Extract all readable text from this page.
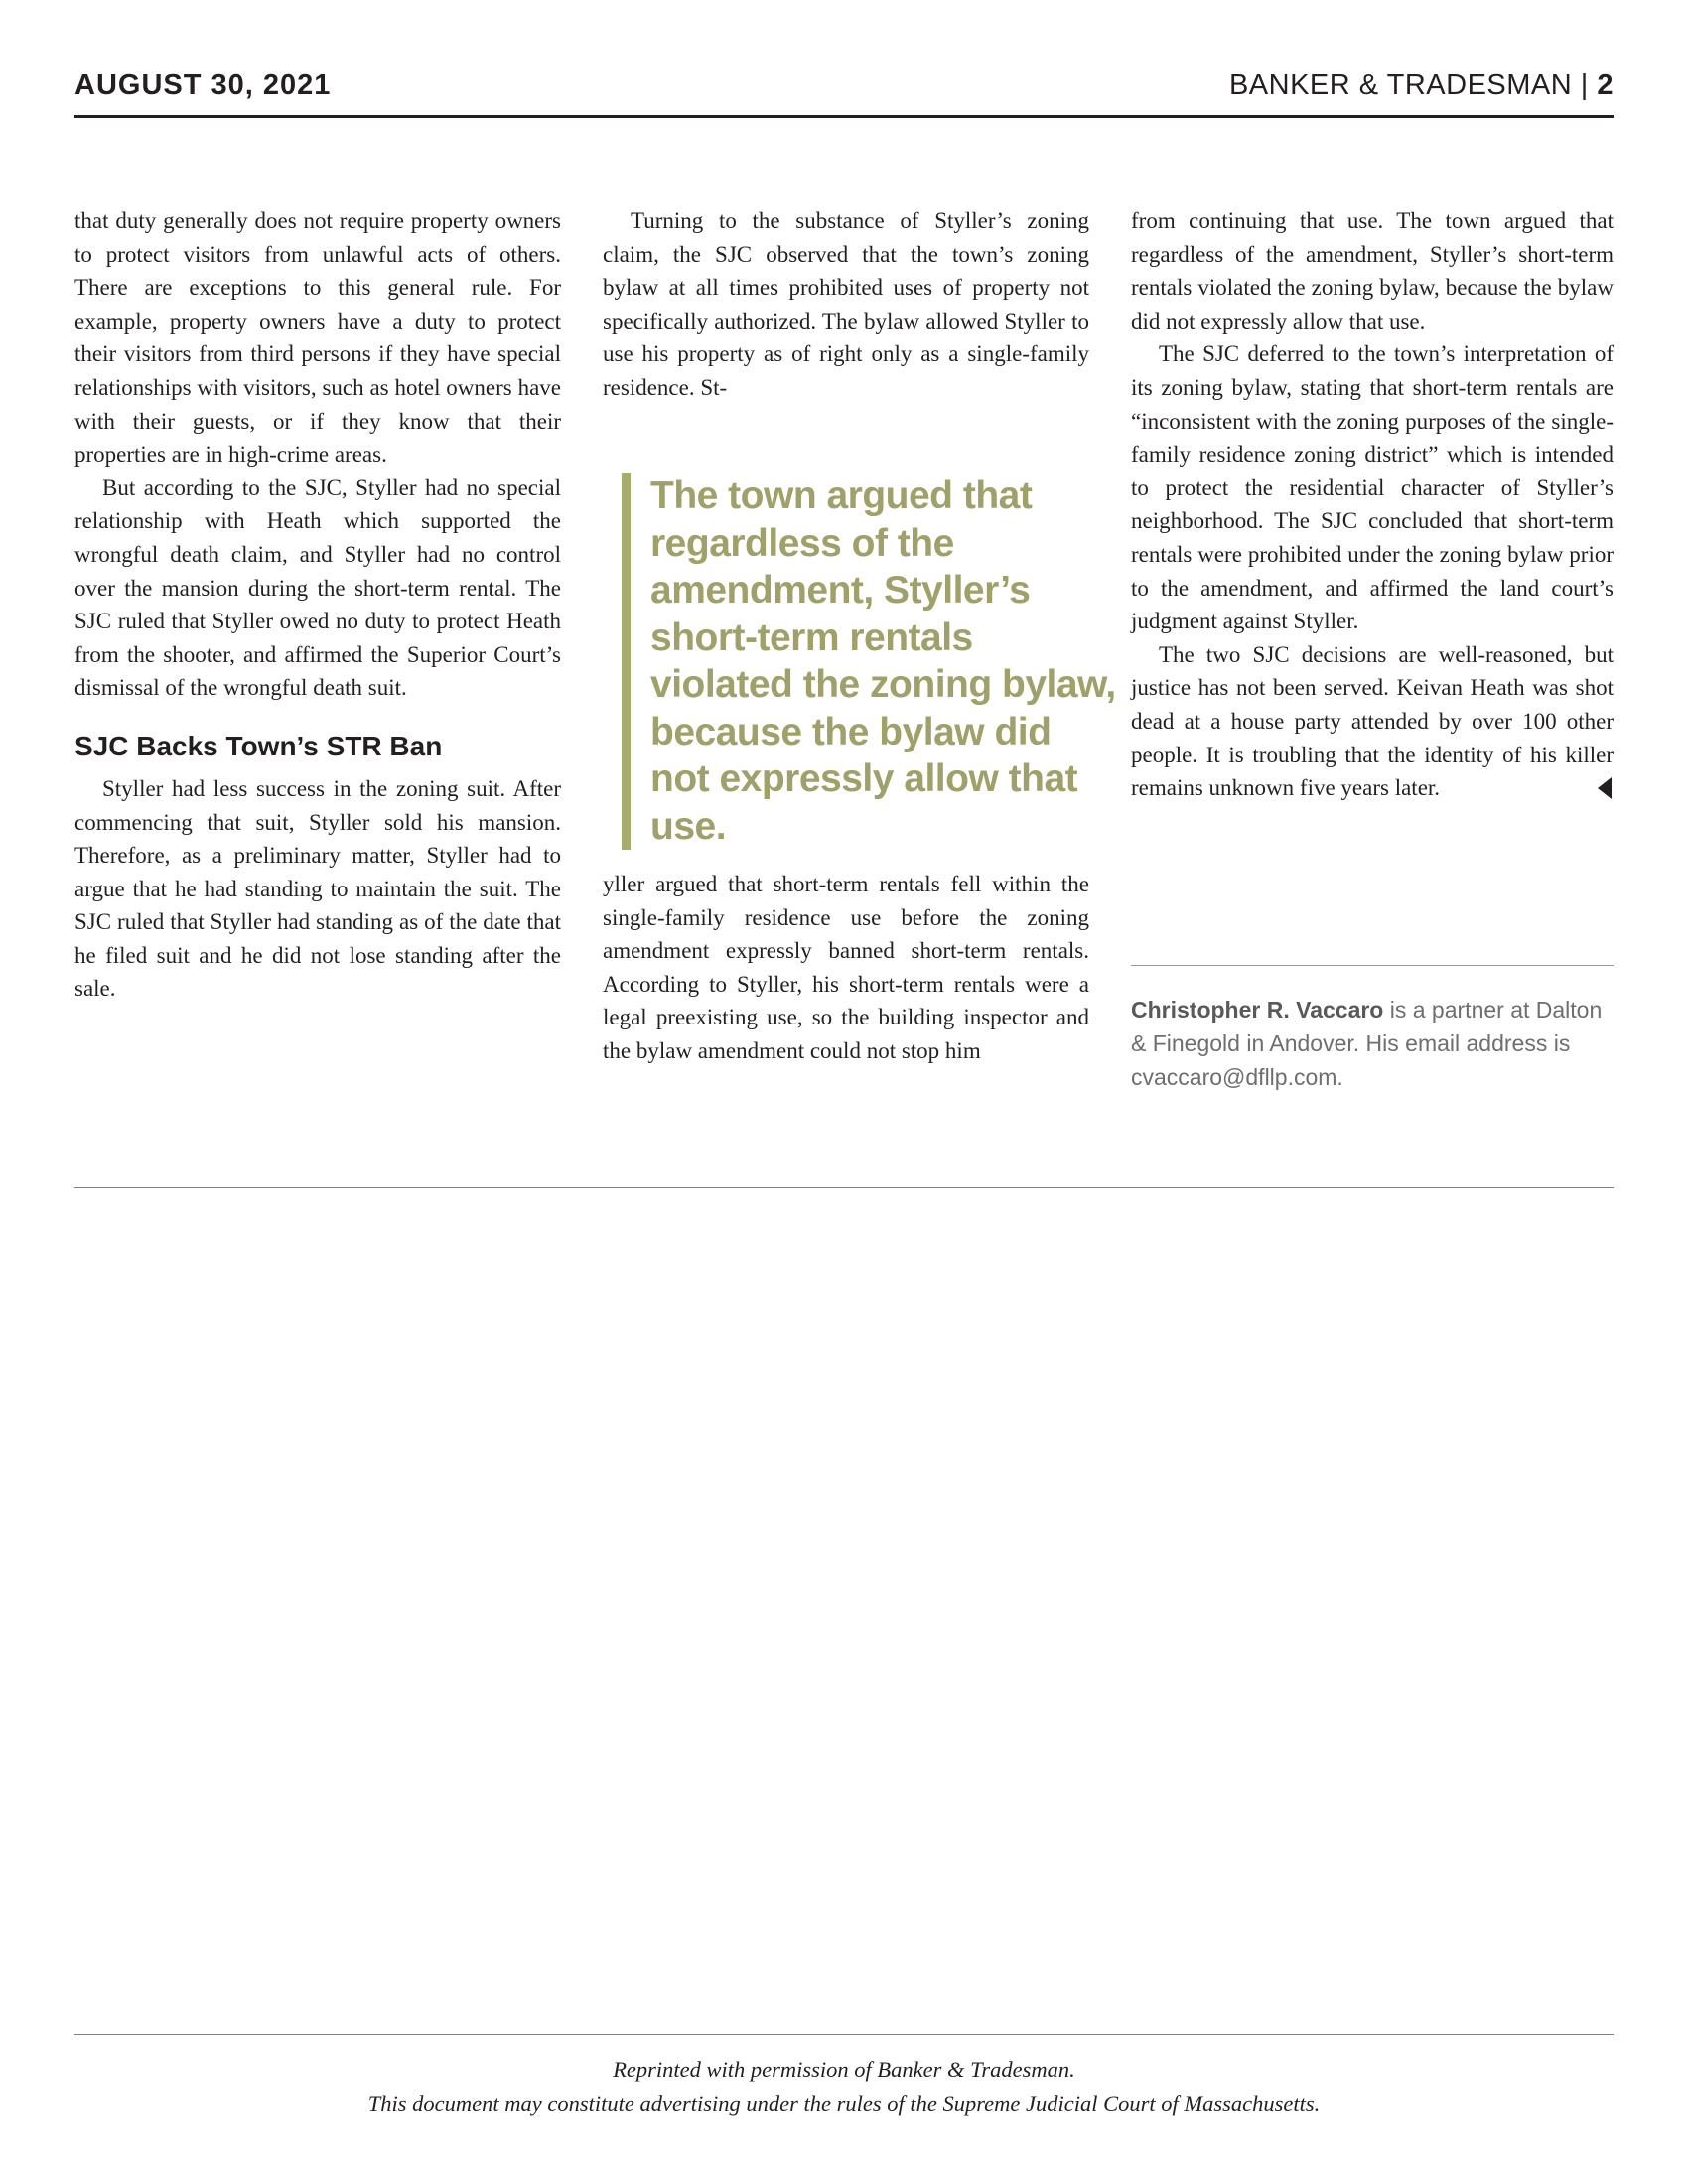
AUGUST 30, 2021	BANKER & TRADESMAN | 2

that duty generally does not require property owners to protect visitors from unlawful acts of others. There are exceptions to this general rule. For example, property owners have a duty to protect their visitors from third persons if they have special relationships with visitors, such as hotel owners have with their guests, or if they know that their properties are in high-crime areas.

But according to the SJC, Styller had no special relationship with Heath which supported the wrongful death claim, and Styller had no control over the mansion during the short-term rental. The SJC ruled that Styller owed no duty to protect Heath from the shooter, and affirmed the Superior Court’s dismissal of the wrongful death suit.

SJC Backs Town’s STR Ban

Styller had less success in the zoning suit. After commencing that suit, Styller sold his mansion. Therefore, as a preliminary matter, Styller had to argue that he had standing to maintain the suit. The SJC ruled that Styller had standing as of the date that he filed suit and he did not lose standing after the sale.

Turning to the substance of Styller’s zoning claim, the SJC observed that the town’s zoning bylaw at all times prohibited uses of property not specifically authorized. The bylaw allowed Styller to use his property as of right only as a single-family residence. St-

The town argued that regardless of the amendment, Styller’s short-term rentals violated the zoning bylaw, because the bylaw did not expressly allow that use.

yller argued that short-term rentals fell within the single-family residence use before the zoning amendment expressly banned short-term rentals. According to Styller, his short-term rentals were a legal preexisting use, so the building inspector and the bylaw amendment could not stop him

from continuing that use. The town argued that regardless of the amendment, Styller’s short-term rentals violated the zoning bylaw, because the bylaw did not expressly allow that use.

The SJC deferred to the town’s interpretation of its zoning bylaw, stating that short-term rentals are “inconsistent with the zoning purposes of the single-family residence zoning district” which is intended to protect the residential character of Styller’s neighborhood. The SJC concluded that short-term rentals were prohibited under the zoning bylaw prior to the amendment, and affirmed the land court’s judgment against Styller.

The two SJC decisions are well-reasoned, but justice has not been served. Keivan Heath was shot dead at a house party attended by over 100 other people. It is troubling that the identity of his killer remains unknown five years later.

Christopher R. Vaccaro is a partner at Dalton & Finegold in Andover. His email address is cvaccaro@dfllp.com.
Reprinted with permission of Banker & Tradesman.
This document may constitute advertising under the rules of the Supreme Judicial Court of Massachusetts.
